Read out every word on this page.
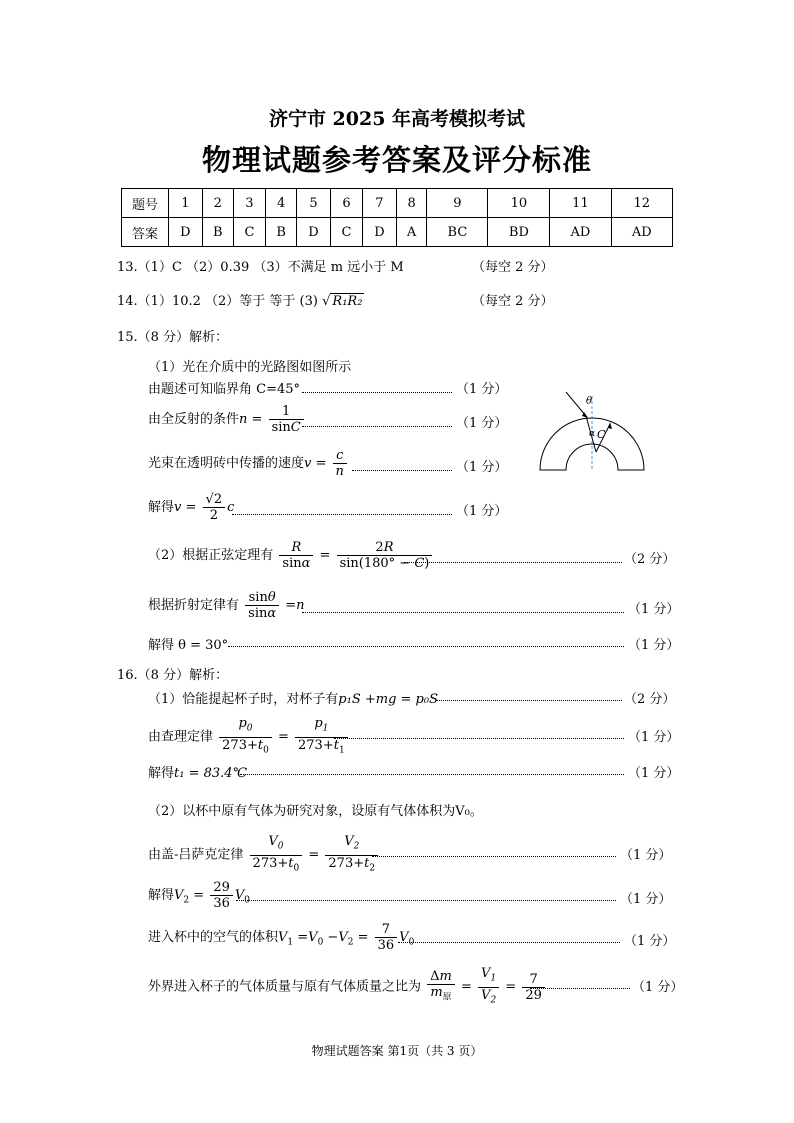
济宁市 2025 年高考模拟考试
物理试题参考答案及评分标准
题号	1	2	3	4	5	6	7	8	9	10	11	12
答案	D	B	C	B	D	C	D	A	BC	BD	AD	AD
13.（1）C （2）0.39 （3）不满足 m 远小于 M	（每空 2 分）
14.（1）10.2 （2）等于 等于 (3) √ R₁R₂	（每空 2 分）
15.（8 分）解析：
（1）光在介质中的光路图如图所示
由题述可知临界角 C=45°	（1 分）
由全反射的条件$n = \frac{1}{\sin C}$	（1 分）
光束在透明砖中传播的速度$v = \frac{c}{n}$	（1 分）
解得$v = \frac{√2}{2}$ c	（1 分）
（2）根据正弦定理有 $\frac{R}{\sin\alpha} = \frac{2R}{\sin(180^\circ - C)}$	（2 分）
根据折射定律有 $\frac{\sin\theta}{\sin\alpha} =n$	（1 分）
解得 θ = 30°	（1 分）
θ
α C
16.（8 分）解析：
（1）恰能提起杯子时，对杯子有p₁S +mg = p₀S	（2 分）
由查理定律 $\frac{p_0}{273+t_0} = \frac{p_1}{273+t_1}$	（1 分）
解得t₁ = 83.4℃	（1 分）
（2）以杯中原有气体为研究对象，设原有气体体积为V₀。
由盖-吕萨克定律 $\frac{V_0}{273+t_0} = \frac{V_2}{273+t_2}$	（1 分）
解得$V_2 = \frac{29}{36} V_0$	（1 分）
进入杯中的空气的体积$V_1 =V_0 -V_2 = \frac{7}{36} V_0$	（1 分）
外界进入杯子的气体质量与原有气体质量之比为 $\frac{\Delta m}{m_原} = \frac{V_1}{V_2} = \frac{7}{29}$	（1 分）
物理试题答案 第1页（共 3 页）
